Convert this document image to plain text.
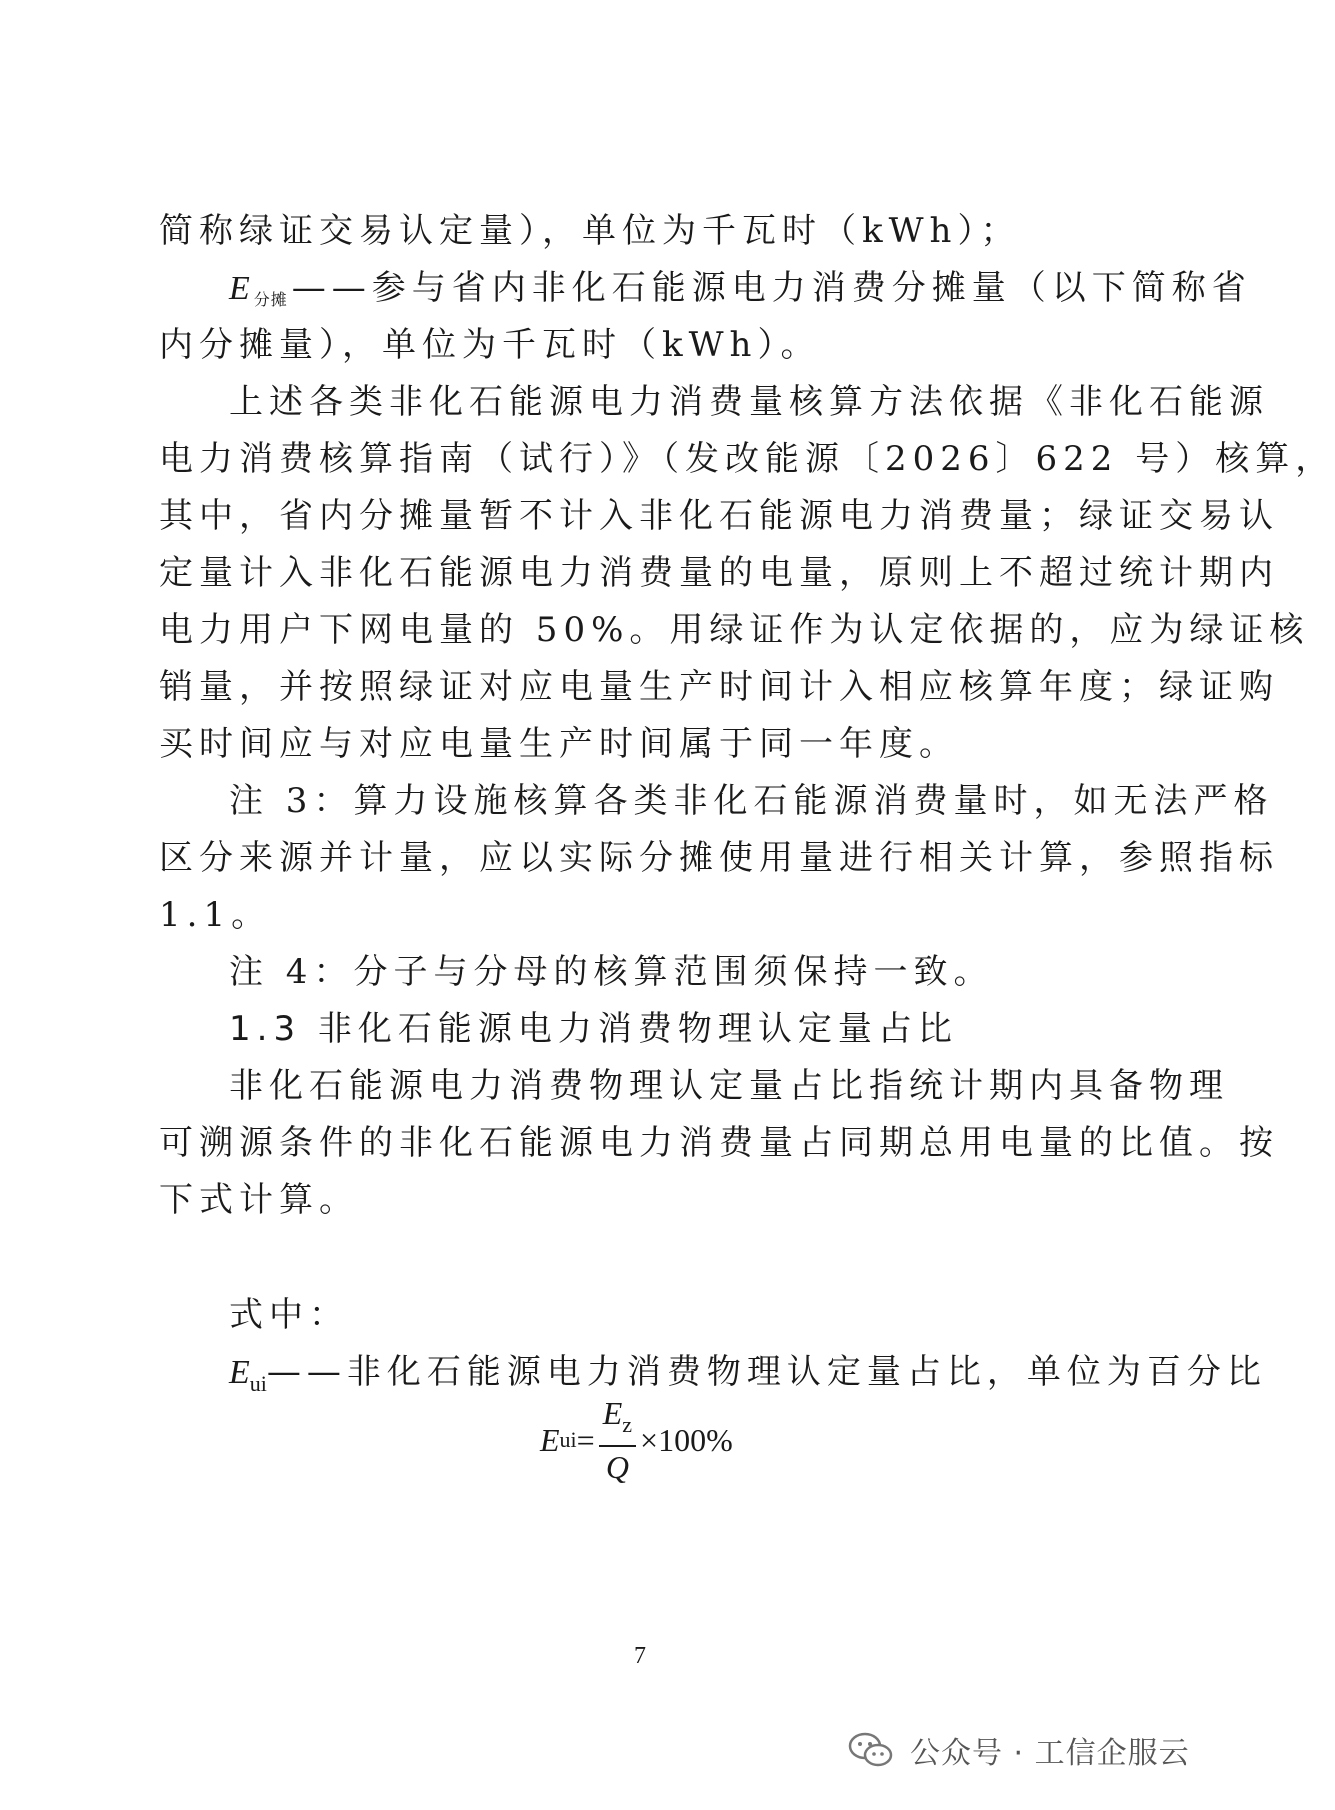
简称绿证交易认定量），单位为千瓦时（kWh）；
E $_{分摊}$ ——参与省内非化石能源电力消费分摊量（以下简称省
内分摊量），单位为千瓦时（kWh）。
上述各类非化石能源电力消费量核算方法依据《非化石能源
电力消费核算指南（试行）》（发改能源〔2026〕622 号）核算，
其中，省内分摊量暂不计入非化石能源电力消费量；绿证交易认
定量计入非化石能源电力消费量的电量，原则上不超过统计期内
电力用户下网电量的 50%。用绿证作为认定依据的，应为绿证核
销量，并按照绿证对应电量生产时间计入相应核算年度；绿证购
买时间应与对应电量生产时间属于同一年度。
注 3：算力设施核算各类非化石能源消费量时，如无法严格
区分来源并计量，应以实际分摊使用量进行相关计算，参照指标
1.1。
注 4：分子与分母的核算范围须保持一致。
1.3 非化石能源电力消费物理认定量占比
非化石能源电力消费物理认定量占比指统计期内具备物理
可溯源条件的非化石能源电力消费量占同期总用电量的比值。按
下式计算。
E ui = $\frac{E_z}{Q} \times 100\%$
式中：
$E_{ui}——$非化石能源电力消费物理认定量占比，单位为百分比
7
公众号 · 工信企服云
